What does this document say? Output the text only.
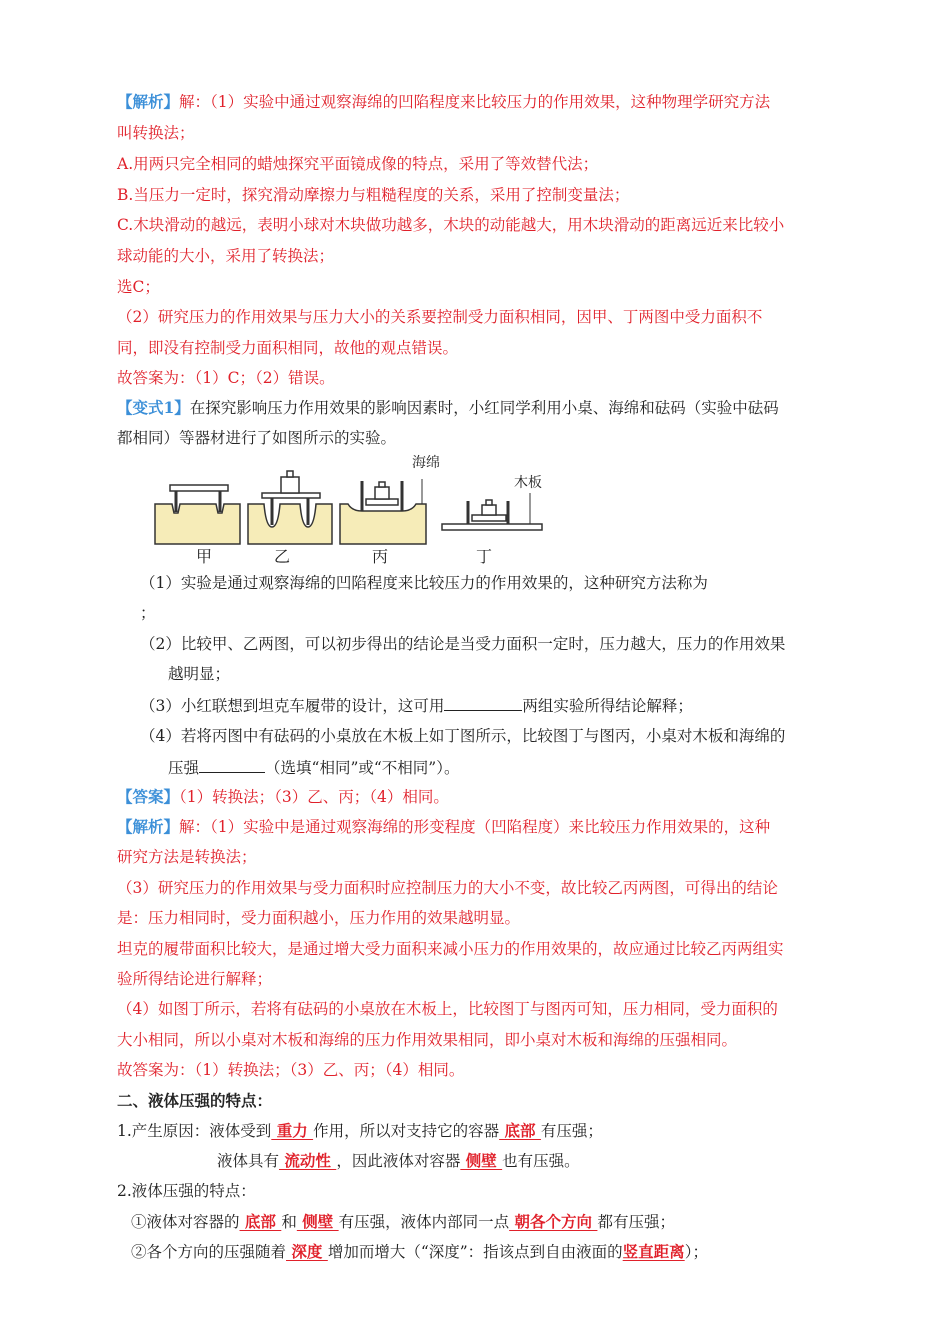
【解析】解：（1）实验中通过观察海绵的凹陷程度来比较压力的作用效果，这种物理学研究方法
叫转换法；
A.用两只完全相同的蜡烛探究平面镜成像的特点，采用了等效替代法；
B.当压力一定时，探究滑动摩擦力与粗糙程度的关系，采用了控制变量法；
C.木块滑动的越远，表明小球对木块做功越多，木块的动能越大，用木块滑动的距离远近来比较小
球动能的大小，采用了转换法；
选C；
（2）研究压力的作用效果与压力大小的关系要控制受力面积相同，因甲、丁两图中受力面积不
同，即没有控制受力面积相同，故他的观点错误。
故答案为：（1）C；（2）错误。
【变式1】在探究影响压力作用效果的影响因素时，小红同学利用小桌、海绵和砝码（实验中砝码
都相同）等器材进行了如图所示的实验。
海绵
木板
甲	乙	丙	丁
（1）实验是通过观察海绵的凹陷程度来比较压力的作用效果的，这种研究方法称为
；
（2）比较甲、乙两图，可以初步得出的结论是当受力面积一定时，压力越大，压力的作用效果
越明显；
（3）小红联想到坦克车履带的设计，这可用	两组实验所得结论解释；
（4）若将丙图中有砝码的小桌放在木板上如丁图所示，比较图丁与图丙，小桌对木板和海绵的
压强	（选填“相同”或“不相同”）。
【答案】（1）转换法；（3）乙、丙；（4）相同。
【解析】解：（1）实验中是通过观察海绵的形变程度（凹陷程度）来比较压力作用效果的，这种
研究方法是转换法；
（3）研究压力的作用效果与受力面积时应控制压力的大小不变，故比较乙丙两图，可得出的结论
是：压力相同时，受力面积越小，压力作用的效果越明显。
坦克的履带面积比较大，是通过增大受力面积来减小压力的作用效果的，故应通过比较乙丙两组实
验所得结论进行解释；
（4）如图丁所示，若将有砝码的小桌放在木板上，比较图丁与图丙可知，压力相同，受力面积的
大小相同，所以小桌对木板和海绵的压力作用效果相同，即小桌对木板和海绵的压强相同。
故答案为：（1）转换法；（3）乙、丙；（4）相同。
二、液体压强的特点：
1.产生原因：液体受到 重力 作用，所以对支持它的容器 底部 有压强；
液体具有 流动性 ，因此液体对容器 侧壁 也有压强。
2.液体压强的特点：
①液体对容器的 底部 和 侧壁 有压强，液体内部同一点 朝各个方向 都有压强；
②各个方向的压强随着 深度 增加而增大（“深度”：指该点到自由液面的竖直距离）；
